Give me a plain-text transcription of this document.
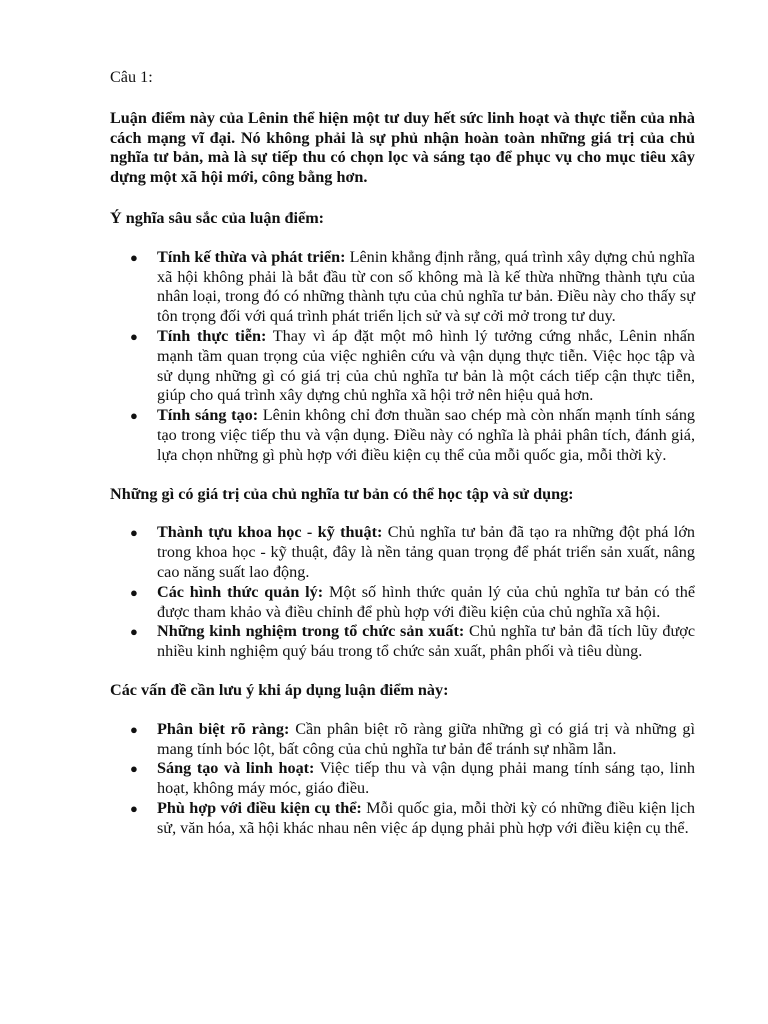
Câu 1:

Luận điểm này của Lênin thể hiện một tư duy hết sức linh hoạt và thực tiễn của nhà cách mạng vĩ đại. Nó không phải là sự phủ nhận hoàn toàn những giá trị của chủ nghĩa tư bản, mà là sự tiếp thu có chọn lọc và sáng tạo để phục vụ cho mục tiêu xây dựng một xã hội mới, công bằng hơn.

Ý nghĩa sâu sắc của luận điểm:

● Tính kế thừa và phát triển: Lênin khẳng định rằng, quá trình xây dựng chủ nghĩa xã hội không phải là bắt đầu từ con số không mà là kế thừa những thành tựu của nhân loại, trong đó có những thành tựu của chủ nghĩa tư bản. Điều này cho thấy sự tôn trọng đối với quá trình phát triển lịch sử và sự cởi mở trong tư duy.
● Tính thực tiễn: Thay vì áp đặt một mô hình lý tưởng cứng nhắc, Lênin nhấn mạnh tầm quan trọng của việc nghiên cứu và vận dụng thực tiễn. Việc học tập và sử dụng những gì có giá trị của chủ nghĩa tư bản là một cách tiếp cận thực tiễn, giúp cho quá trình xây dựng chủ nghĩa xã hội trở nên hiệu quả hơn.
● Tính sáng tạo: Lênin không chỉ đơn thuần sao chép mà còn nhấn mạnh tính sáng tạo trong việc tiếp thu và vận dụng. Điều này có nghĩa là phải phân tích, đánh giá, lựa chọn những gì phù hợp với điều kiện cụ thể của mỗi quốc gia, mỗi thời kỳ.

Những gì có giá trị của chủ nghĩa tư bản có thể học tập và sử dụng:

● Thành tựu khoa học - kỹ thuật: Chủ nghĩa tư bản đã tạo ra những đột phá lớn trong khoa học - kỹ thuật, đây là nền tảng quan trọng để phát triển sản xuất, nâng cao năng suất lao động.
● Các hình thức quản lý: Một số hình thức quản lý của chủ nghĩa tư bản có thể được tham khảo và điều chỉnh để phù hợp với điều kiện của chủ nghĩa xã hội.
● Những kinh nghiệm trong tổ chức sản xuất: Chủ nghĩa tư bản đã tích lũy được nhiều kinh nghiệm quý báu trong tổ chức sản xuất, phân phối và tiêu dùng.

Các vấn đề cần lưu ý khi áp dụng luận điểm này:

● Phân biệt rõ ràng: Cần phân biệt rõ ràng giữa những gì có giá trị và những gì mang tính bóc lột, bất công của chủ nghĩa tư bản để tránh sự nhầm lẫn.
● Sáng tạo và linh hoạt: Việc tiếp thu và vận dụng phải mang tính sáng tạo, linh hoạt, không máy móc, giáo điều.
● Phù hợp với điều kiện cụ thể: Mỗi quốc gia, mỗi thời kỳ có những điều kiện lịch sử, văn hóa, xã hội khác nhau nên việc áp dụng phải phù hợp với điều kiện cụ thể.
